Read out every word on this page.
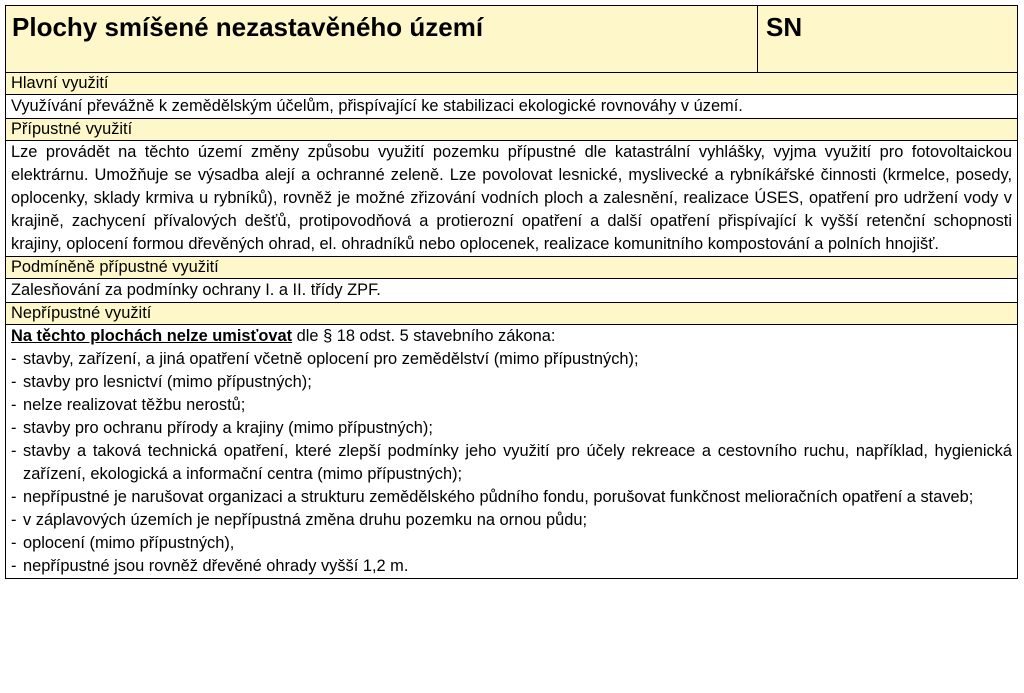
Plochy smíšené nezastavěného území	SN
Hlavní využití
Využívání převážně k zemědělským účelům, přispívající ke stabilizaci ekologické rovnováhy v území.
Přípustné využití
Lze provádět na těchto území změny způsobu využití pozemku přípustné dle katastrální vyhlášky, vyjma využití pro fotovoltaickou elektrárnu. Umožňuje se výsadba alejí a ochranné zeleně. Lze povolovat lesnické, myslivecké a rybníkářské činnosti (krmelce, posedy, oplocenky, sklady krmiva u rybníků), rovněž je možné zřizování vodních ploch a zalesnění, realizace ÚSES, opatření pro udržení vody v krajině, zachycení přívalových dešťů, protipovodňová a protierozní opatření a další opatření přispívající k vyšší retenční schopnosti krajiny, oplocení formou dřevěných ohrad, el. ohradníků nebo oplocenek, realizace komunitního kompostování a polních hnojišť.
Podmíněně přípustné využití
Zalesňování za podmínky ochrany I. a II. třídy ZPF.
Nepřípustné využití
Na těchto plochách nelze umisťovat dle § 18 odst. 5 stavebního zákona:
- stavby, zařízení, a jiná opatření včetně oplocení pro zemědělství (mimo přípustných);
- stavby pro lesnictví (mimo přípustných);
- nelze realizovat těžbu nerostů;
- stavby pro ochranu přírody a krajiny (mimo přípustných);
- stavby a taková technická opatření, které zlepší podmínky jeho využití pro účely rekreace a cestovního ruchu, například, hygienická zařízení, ekologická a informační centra (mimo přípustných);
- nepřípustné je narušovat organizaci a strukturu zemědělského půdního fondu, porušovat funkčnost melioračních opatření a staveb;
- v záplavových územích je nepřípustná změna druhu pozemku na ornou půdu;
- oplocení (mimo přípustných),
- nepřípustné jsou rovněž dřevěné ohrady vyšší 1,2 m.
